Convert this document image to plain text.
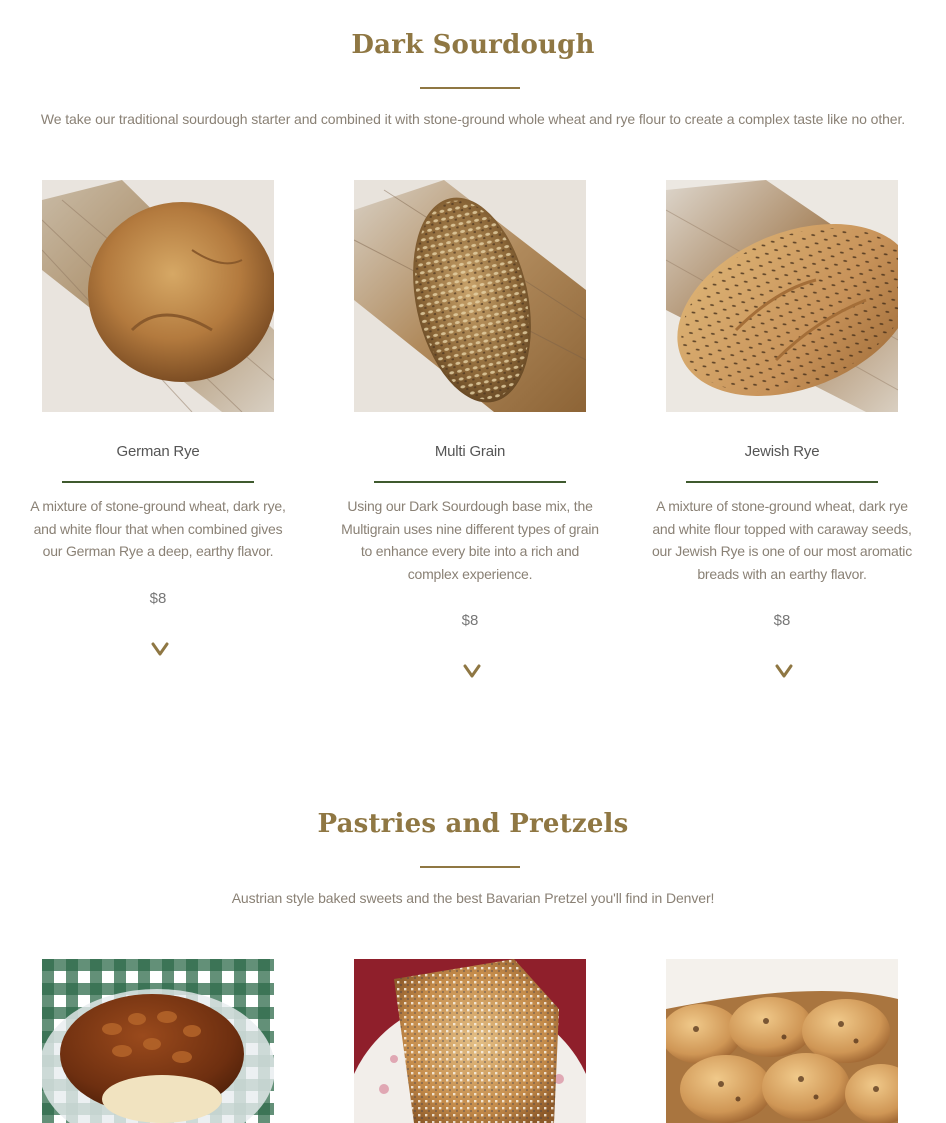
Dark Sourdough

We take our traditional sourdough starter and combined it with stone-ground whole wheat and rye flour to create a complex taste like no other.

German Rye
A mixture of stone-ground wheat, dark rye,
and white flour that when combined gives
our German Rye a deep, earthy flavor.
$8
Multi Grain
Using our Dark Sourdough base mix, the
Multigrain uses nine different types of grain
to enhance every bite into a rich and
complex experience.
$8
Jewish Rye
A mixture of stone-ground wheat, dark rye
and white flour topped with caraway seeds,
our Jewish Rye is one of our most aromatic
breads with an earthy flavor.
$8
Pastries and Pretzels

Austrian style baked sweets and the best Bavarian Pretzel you'll find in Denver!
